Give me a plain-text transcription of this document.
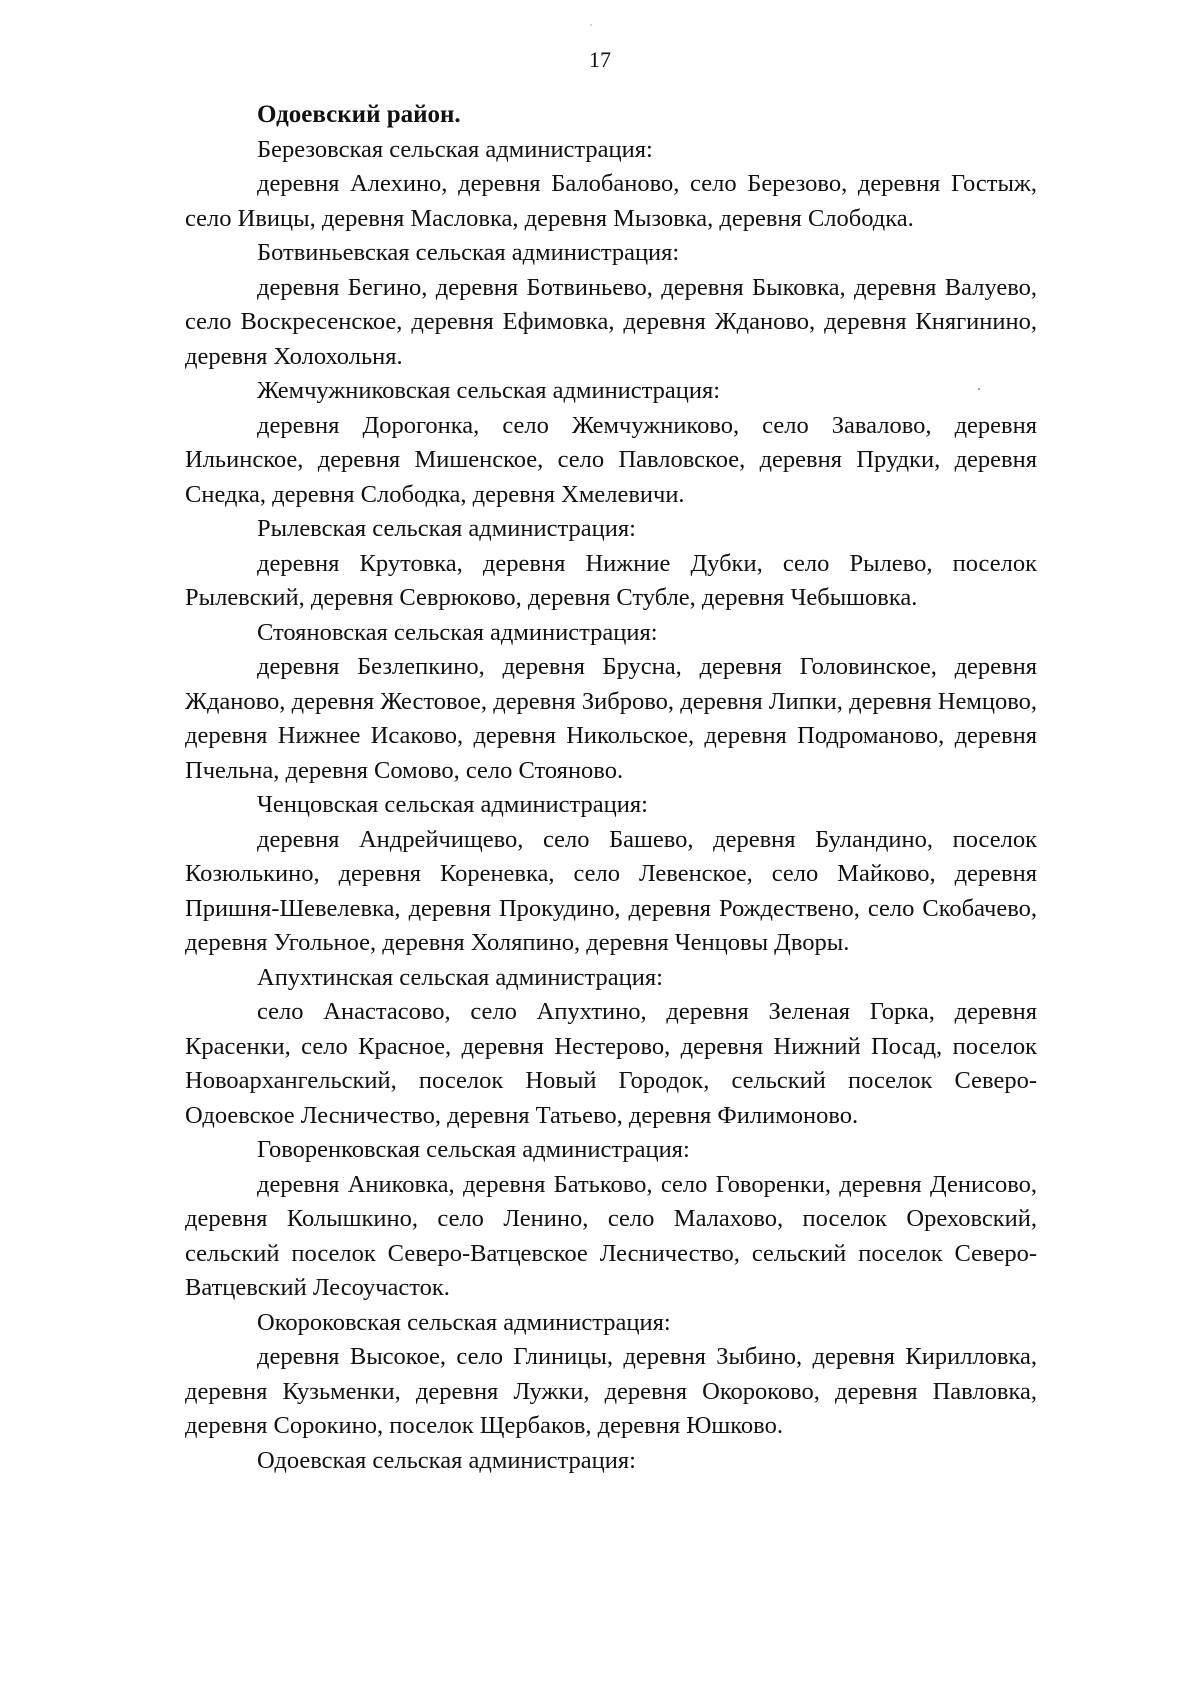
17

Одоевский район.

Березовская сельская администрация:

деревня Алехино, деревня Балобаново, село Березово, деревня Гостыж, село Ивицы, деревня Масловка, деревня Мызовка, деревня Слободка.

Ботвиньевская сельская администрация:

деревня Бегино, деревня Ботвиньево, деревня Быковка, деревня Валуево, село Воскресенское, деревня Ефимовка, деревня Жданово, деревня Княгинино, деревня Холохольня.

Жемчужниковская сельская администрация:

деревня Дорогонка, село Жемчужниково, село Завалово, деревня Ильинское, деревня Мишенское, село Павловское, деревня Прудки, деревня Снедка, деревня Слободка, деревня Хмелевичи.

Рылевская сельская администрация:

деревня Крутовка, деревня Нижние Дубки, село Рылево, поселок Рылевский, деревня Севрюково, деревня Стубле, деревня Чебышовка.

Стояновская сельская администрация:

деревня Безлепкино, деревня Брусна, деревня Головинское, деревня Жданово, деревня Жестовое, деревня Зиброво, деревня Липки, деревня Немцово, деревня Нижнее Исаково, деревня Никольское, деревня Подроманово, деревня Пчельна, деревня Сомово, село Стояново.

Ченцовская сельская администрация:

деревня Андрейчищево, село Башево, деревня Буландино, поселок Козюлькино, деревня Кореневка, село Левенское, село Майково, деревня Пришня-Шевелевка, деревня Прокудино, деревня Рождествено, село Скобачево, деревня Угольное, деревня Холяпино, деревня Ченцовы Дворы.

Апухтинская сельская администрация:

село Анастасово, село Апухтино, деревня Зеленая Горка, деревня Красенки, село Красное, деревня Нестерово, деревня Нижний Посад, поселок Новоархангельский, поселок Новый Городок, сельский поселок Северо-Одоевское Лесничество, деревня Татьево, деревня Филимоново.

Говоренковская сельская администрация:

деревня Аниковка, деревня Батьково, село Говоренки, деревня Денисово, деревня Колышкино, село Ленино, село Малахово, поселок Ореховский, сельский поселок Северо-Ватцевское Лесничество, сельский поселок Северо-Ватцевский Лесоучасток.

Окороковская сельская администрация:

деревня Высокое, село Глиницы, деревня Зыбино, деревня Кирилловка, деревня Кузьменки, деревня Лужки, деревня Окороково, деревня Павловка, деревня Сорокино, поселок Щербаков, деревня Юшково.

Одоевская сельская администрация:
